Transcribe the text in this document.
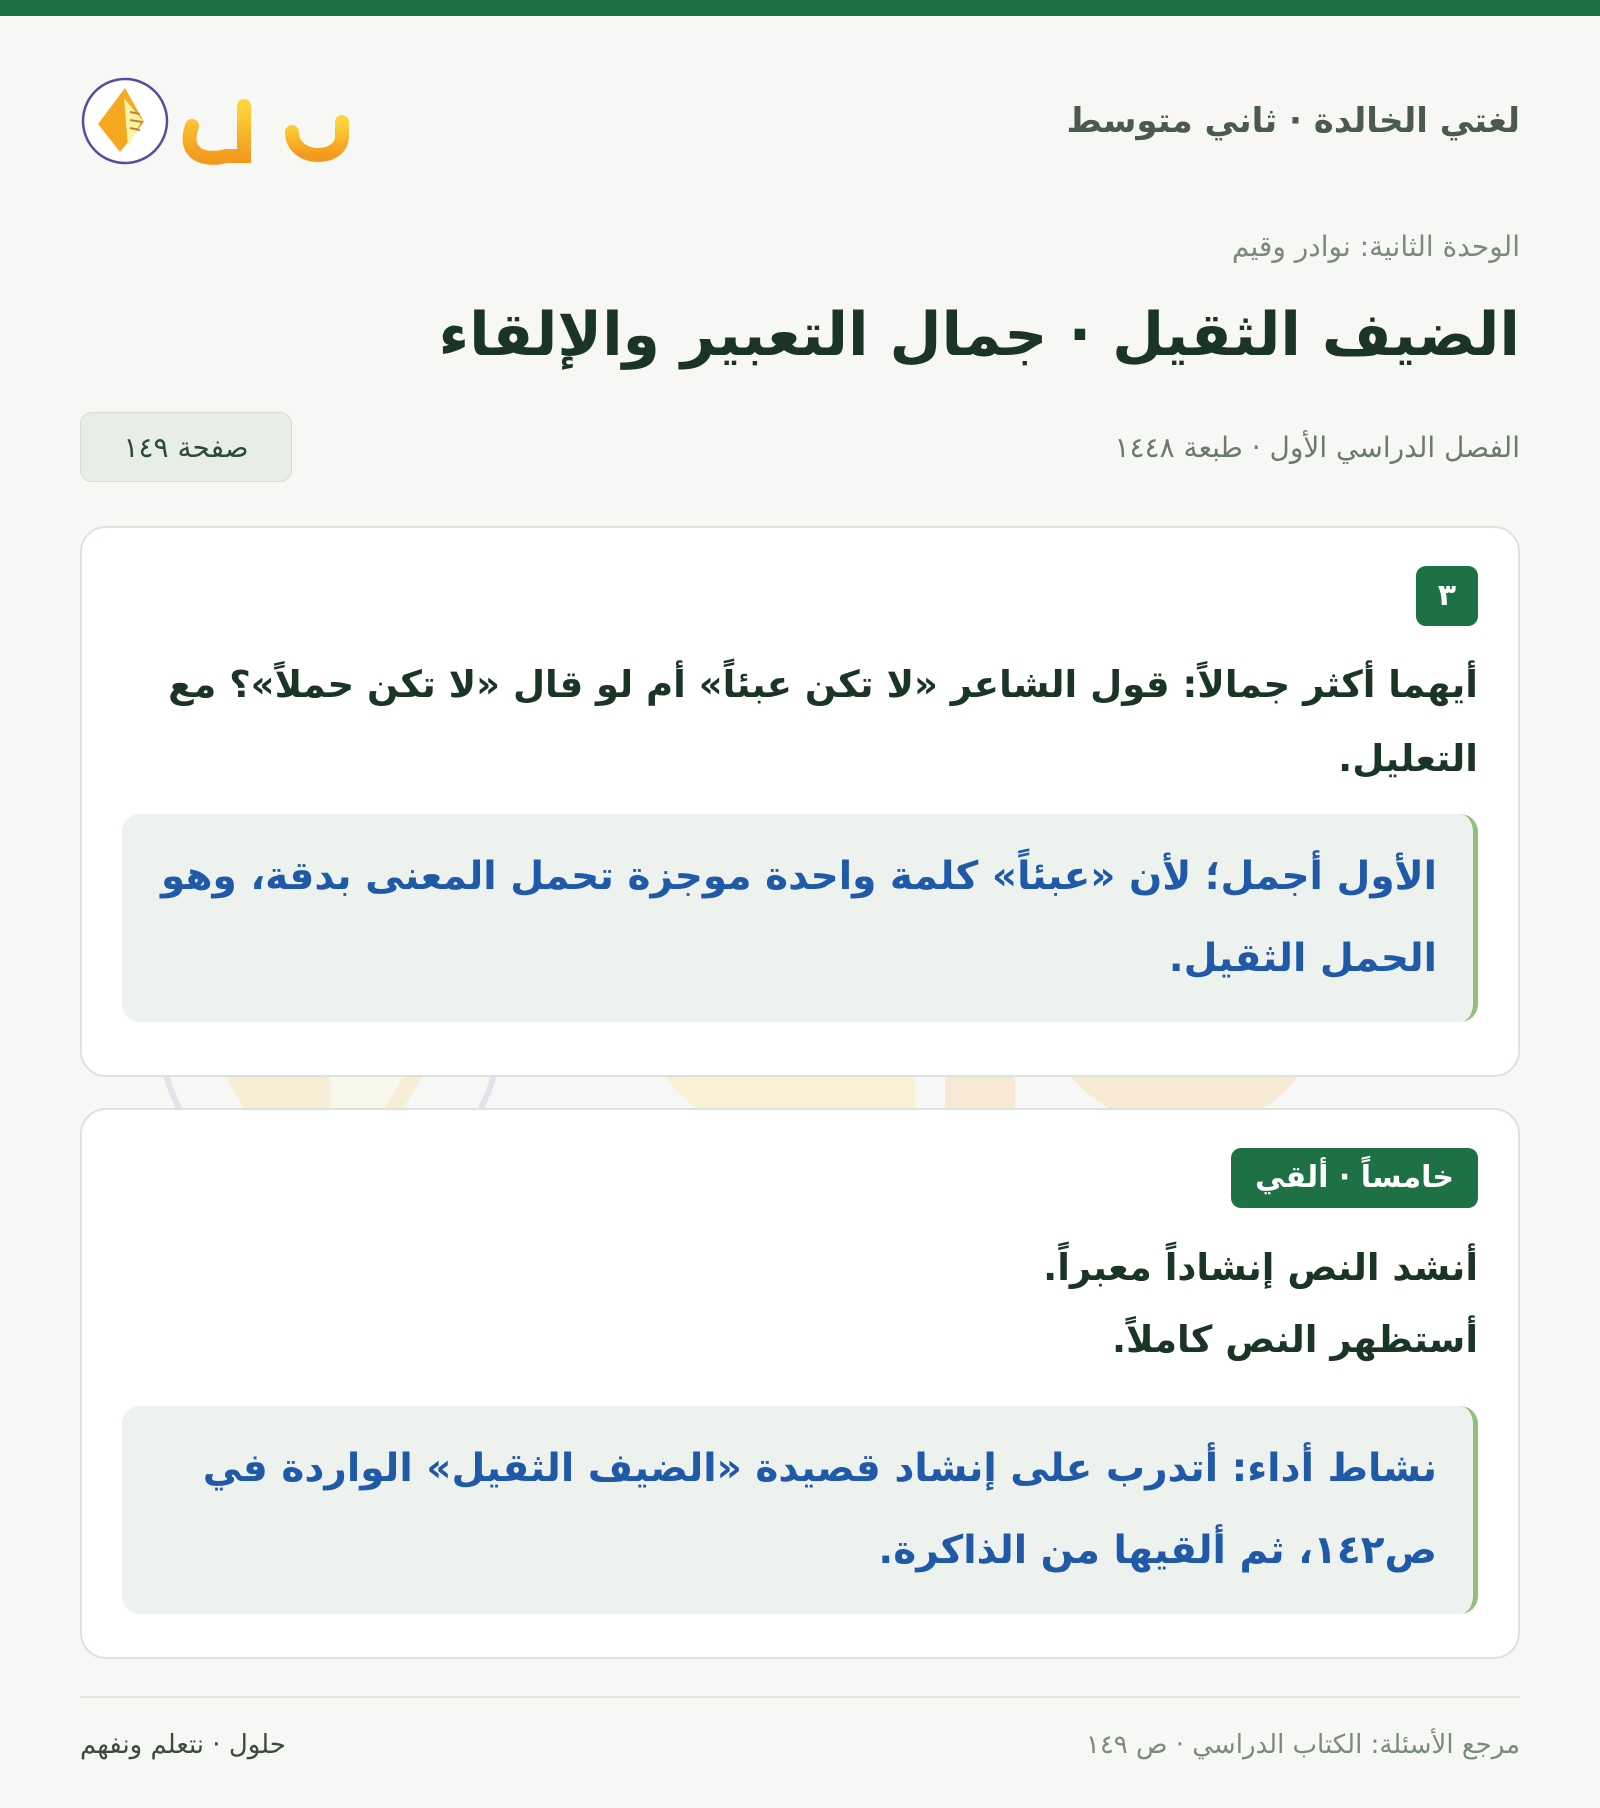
لغتي الخالدة · ثاني متوسط
حلول
الوحدة الثانية: نوادر وقيم
الضيف الثقيل · جمال التعبير والإلقاء
الفصل الدراسي الأول · طبعة ١٤٤٨
صفحة ١٤٩
٣

أيهما أكثر جمالاً: قول الشاعر «لا تكن عبئاً» أم لو قال «لا تكن حملاً»؟ مع التعليل.

الأول أجمل؛ لأن «عبئاً» كلمة واحدة موجزة تحمل المعنى بدقة، وهو الحمل الثقيل.
خامساً · ألقي
أنشد النص إنشاداً معبراً.
أستظهر النص كاملاً.
نشاط أداء: أتدرب على إنشاد قصيدة «الضيف الثقيل» الواردة في ص١٤٢، ثم ألقيها من الذاكرة.
مرجع الأسئلة: الكتاب الدراسي · ص ١٤٩
حلول · نتعلم ونفهم
